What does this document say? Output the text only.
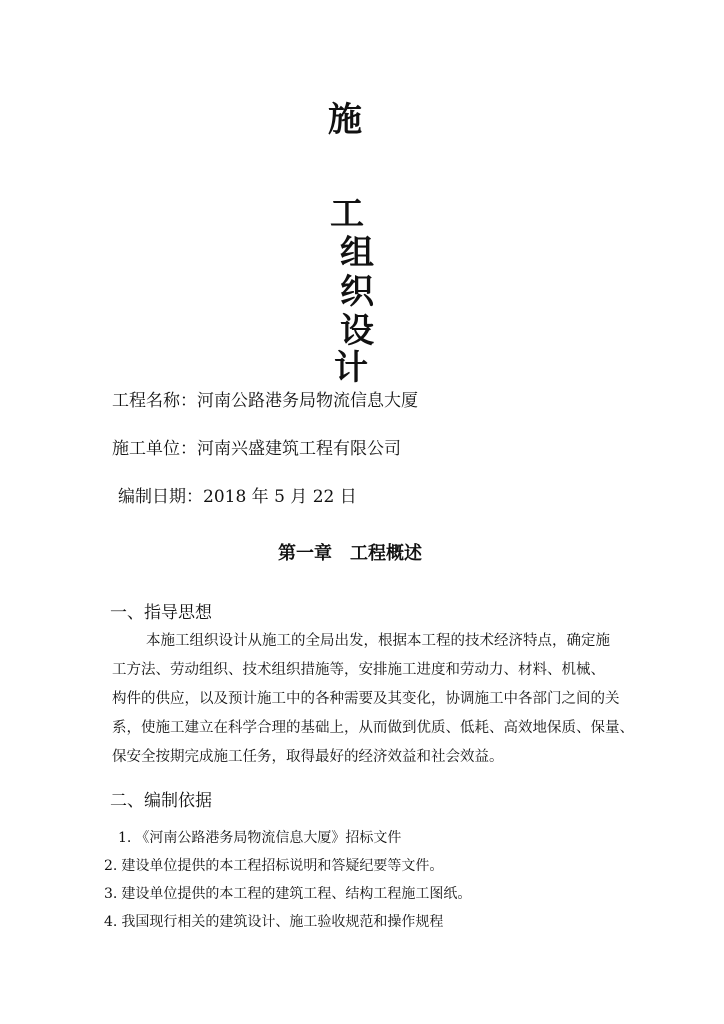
施
工
组
织
设
计
工程名称：河南公路港务局物流信息大厦
施工单位：河南兴盛建筑工程有限公司
编制日期：2018 年 5 月 22 日
第一章　工程概述
一、指导思想
本施工组织设计从施工的全局出发，根据本工程的技术经济特点，确定施
工方法、劳动组织、技术组织措施等，安排施工进度和劳动力、材料、机械、
构件的供应，以及预计施工中的各种需要及其变化，协调施工中各部门之间的关
系，使施工建立在科学合理的基础上，从而做到优质、低耗、高效地保质、保量、
保安全按期完成施工任务，取得最好的经济效益和社会效益。
二、编制依据
1. 《河南公路港务局物流信息大厦》招标文件
2. 建设单位提供的本工程招标说明和答疑纪要等文件。
3. 建设单位提供的本工程的建筑工程、结构工程施工图纸。
4. 我国现行相关的建筑设计、施工验收规范和操作规程
